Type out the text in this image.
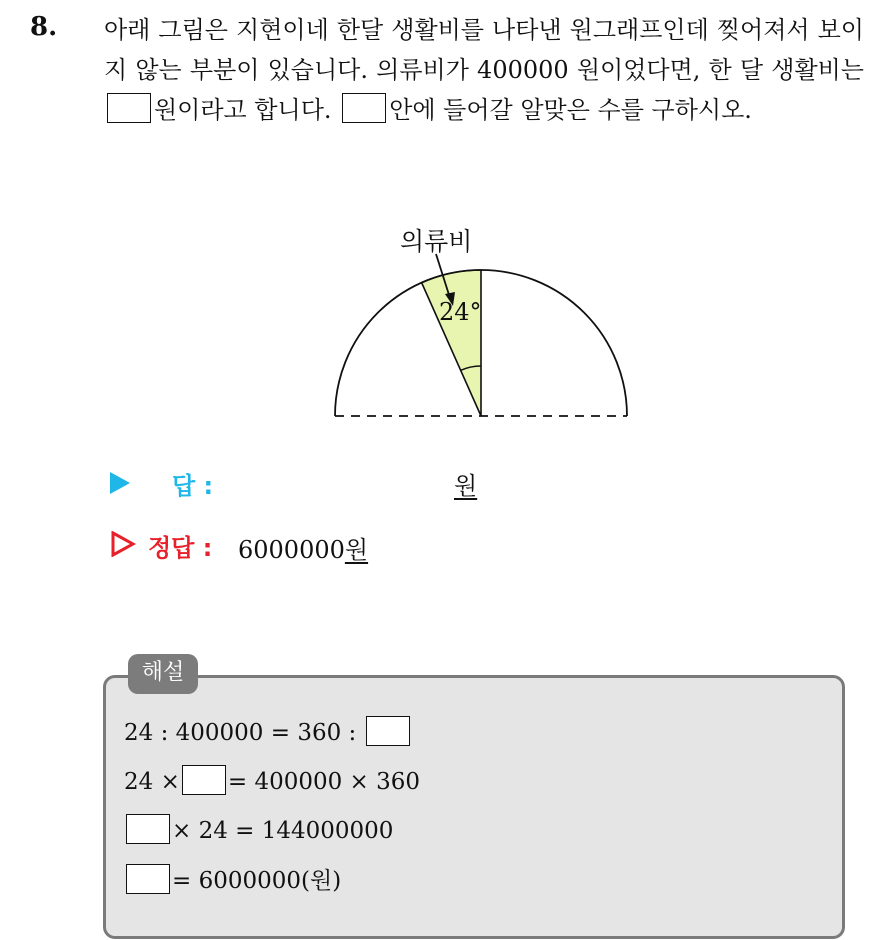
8. 아래 그림은 지현이네 한달 생활비를 나타낸 원그래프인데 찢어져서 보이지 않는 부분이 있습니다. 의류비가 400000 원이었다면, 한 달 생활비는 원이라고 합니다. 안에 들어갈 알맞은 수를 구하시오.
의류비
24°
답 :	원
정답 : 6000000원
해설
24 : 400000 = 360 :
24 × = 400000 × 360
× 24 = 144000000
= 6000000(원)
